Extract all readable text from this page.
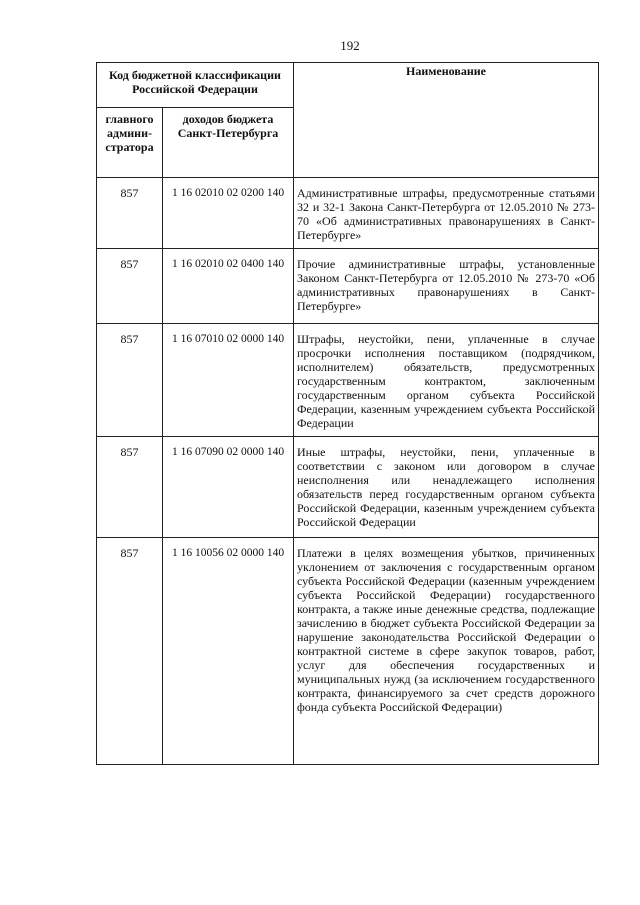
192
Код бюджетной классификации Российской Федерации		Наименование
главного админи-стратора	доходов бюджета Санкт-Петербурга	
857	1 16 02010 02 0200 140	Административные штрафы, предусмотренные статьями 32 и 32-1 Закона Санкт-Петербурга от 12.05.2010 № 273-70 «Об административных правонарушениях в Санкт-Петербурге»
857	1 16 02010 02 0400 140	Прочие административные штрафы, установленные Законом Санкт-Петербурга от 12.05.2010 № 273-70 «Об административных правонарушениях в Санкт-Петербурге»
857	1 16 07010 02 0000 140	Штрафы, неустойки, пени, уплаченные в случае просрочки исполнения поставщиком (подрядчиком, исполнителем) обязательств, предусмотренных государственным контрактом, заключенным государственным органом субъекта Российской Федерации, казенным учреждением субъекта Российской Федерации
857	1 16 07090 02 0000 140	Иные штрафы, неустойки, пени, уплаченные в соответствии с законом или договором в случае неисполнения или ненадлежащего исполнения обязательств перед государственным органом субъекта Российской Федерации, казенным учреждением субъекта Российской Федерации
857	1 16 10056 02 0000 140	Платежи в целях возмещения убытков, причиненных уклонением от заключения с государственным органом субъекта Российской Федерации (казенным учреждением субъекта Российской Федерации) государственного контракта, а также иные денежные средства, подлежащие зачислению в бюджет субъекта Российской Федерации за нарушение законодательства Российской Федерации о контрактной системе в сфере закупок товаров, работ, услуг для обеспечения государственных и муниципальных нужд (за исключением государственного контракта, финансируемого за счет средств дорожного фонда субъекта Российской Федерации)
